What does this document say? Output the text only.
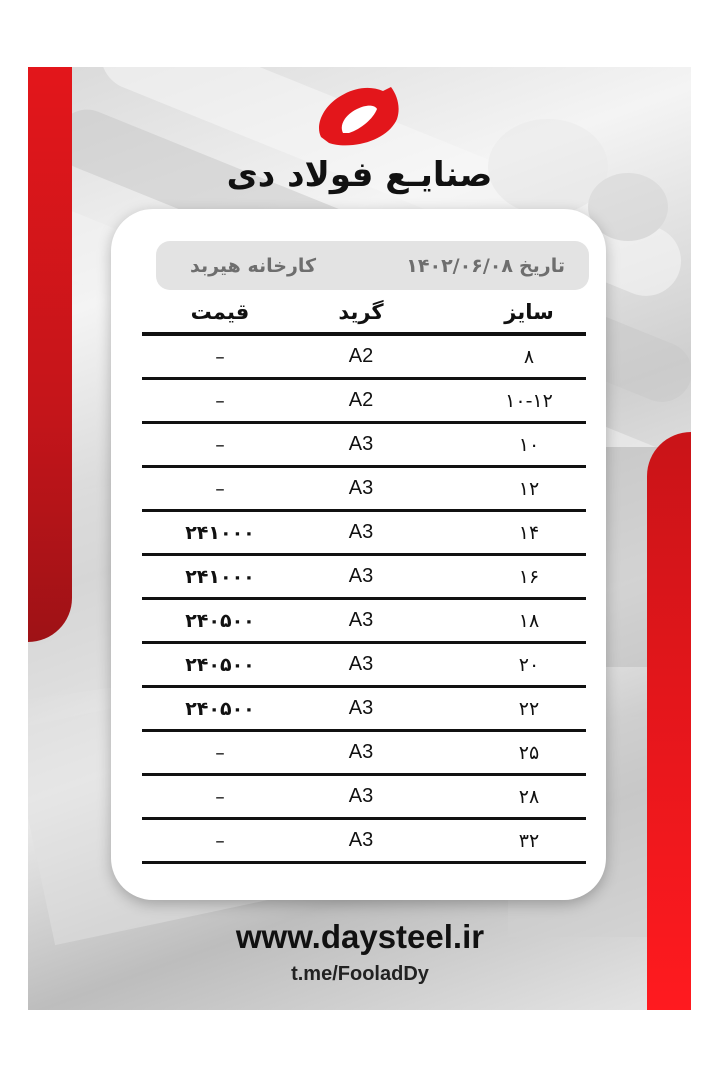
صنایـع فولاد دی
تاریخ
۱۴۰۲/۰۶/۰۸
کارخانه هیربد
سایز
گرید
قیمت
۸
A2
–
۱۰-۱۲
A2
–
۱۰
A3
–
۱۲
A3
–
۱۴
A3
۲۴۱۰۰۰
۱۶
A3
۲۴۱۰۰۰
۱۸
A3
۲۴۰۵۰۰
۲۰
A3
۲۴۰۵۰۰
۲۲
A3
۲۴۰۵۰۰
۲۵
A3
–
۲۸
A3
–
۳۲
A3
–
www.daysteel.ir
t.me/FooladDy
